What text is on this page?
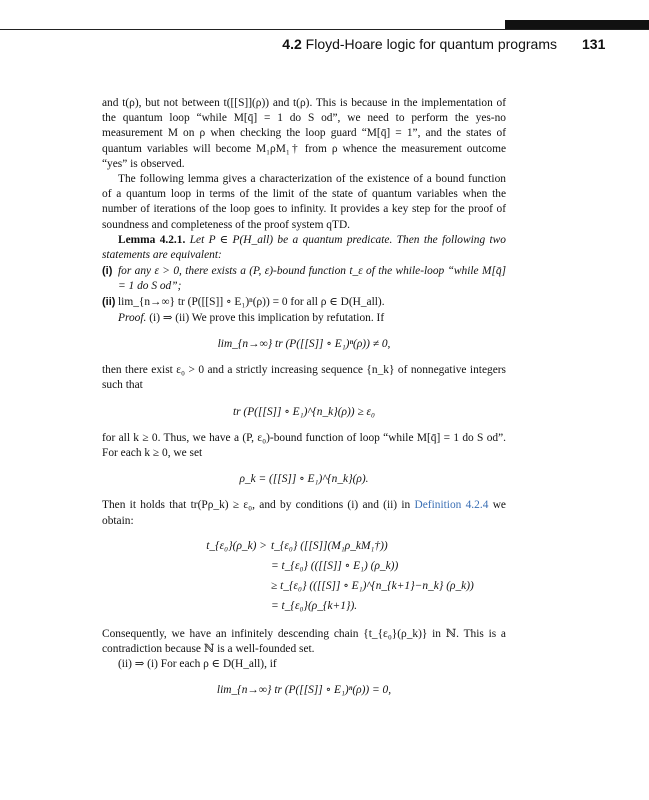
4.2 Floyd-Hoare logic for quantum programs 131

and t(ρ), but not between t([[S]](ρ)) and t(ρ). This is because in the implementation of the quantum loop “while M[q̄] = 1 do S od”, we need to perform the yes-no measurement M on ρ when checking the loop guard “M[q̄] = 1”, and the states of quantum variables will become M₁ρM₁† from ρ whence the measurement outcome “yes” is observed.

The following lemma gives a characterization of the existence of a bound function of a quantum loop in terms of the limit of the state of quantum variables when the number of iterations of the loop goes to infinity. It provides a key step for the proof of soundness and completeness of the proof system qTD.

Lemma 4.2.1. Let P ∈ P(H_all) be a quantum predicate. Then the following two statements are equivalent:

(i) for any ε > 0, there exists a (P, ε)-bound function t_ε of the while-loop “while M[q̄] = 1 do S od”;
(ii) lim_{n→∞} tr (P([[S]] ∘ E₁)ⁿ(ρ)) = 0 for all ρ ∈ D(H_all).

Proof. (i) ⇒ (ii) We prove this implication by refutation. If

lim_{n→∞} tr (P([[S]] ∘ E₁)ⁿ(ρ)) ≠ 0,

then there exist ε₀ > 0 and a strictly increasing sequence {n_k} of nonnegative integers such that

tr (P([[S]] ∘ E₁)^{n_k}(ρ)) ≥ ε₀

for all k ≥ 0. Thus, we have a (P, ε₀)-bound function of loop “while M[q̄] = 1 do S od”. For each k ≥ 0, we set

ρ_k = ([[S]] ∘ E₁)^{n_k}(ρ).

Then it holds that tr(Pρ_k) ≥ ε₀, and by conditions (i) and (ii) in Definition 4.2.4 we obtain:

t_{ε₀}(ρ_k) > t_{ε₀} ([[S]](M₁ρ_kM₁†))
= t_{ε₀} (([[S]] ∘ E₁) (ρ_k))
≥ t_{ε₀} (([[S]] ∘ E₁)^{n_{k+1}−n_k} (ρ_k))
= t_{ε₀}(ρ_{k+1}).

Consequently, we have an infinitely descending chain {t_{ε₀}(ρ_k)} in ℕ. This is a contradiction because ℕ is a well-founded set.

(ii) ⇒ (i) For each ρ ∈ D(H_all), if

lim_{n→∞} tr (P([[S]] ∘ E₁)ⁿ(ρ)) = 0,
